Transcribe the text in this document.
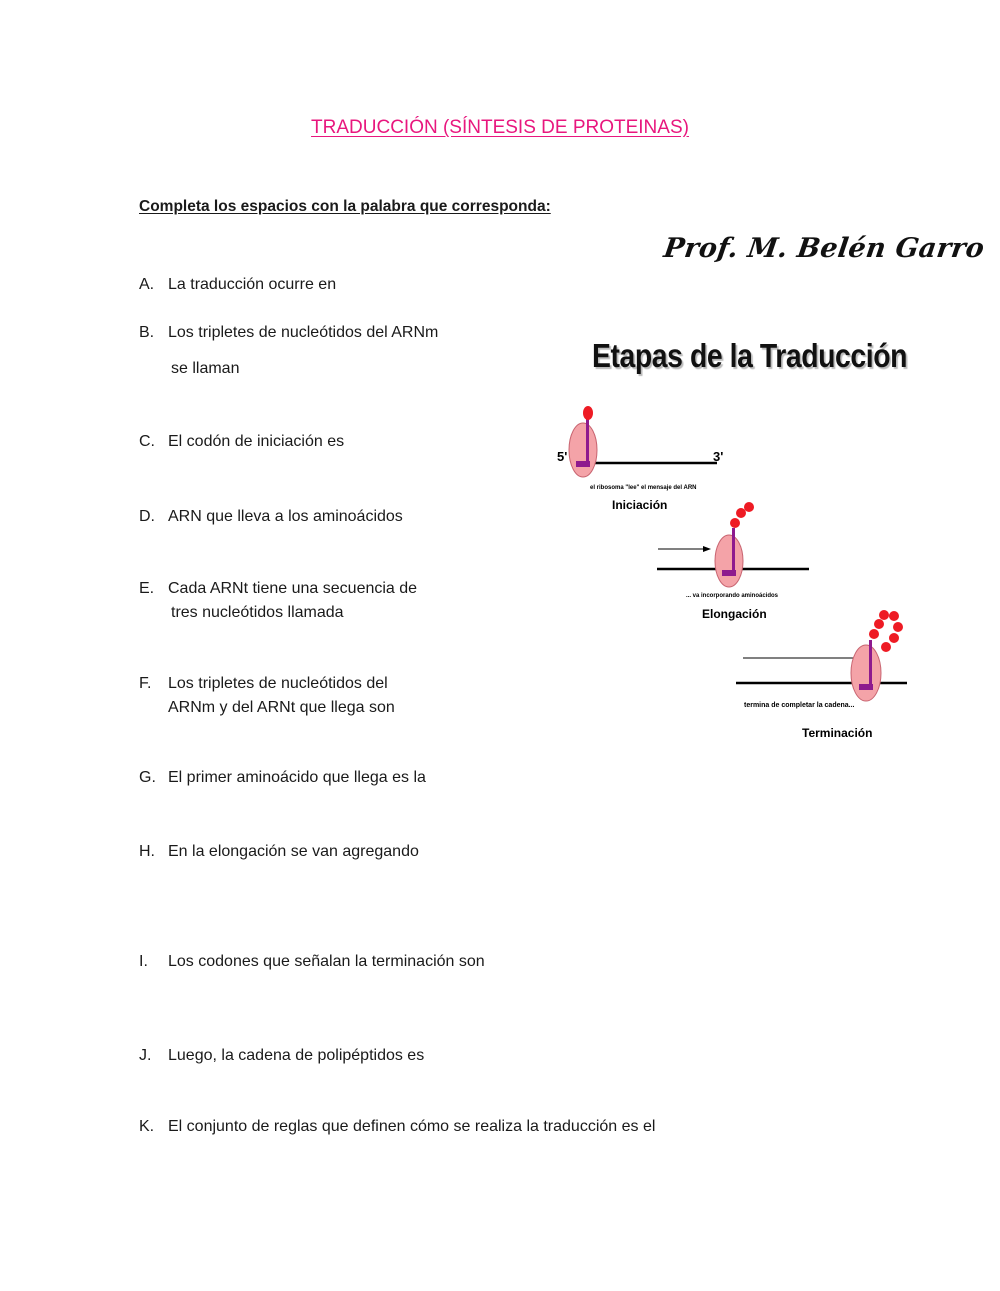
TRADUCCIÓN (SÍNTESIS DE PROTEINAS)
Completa los espacios con la palabra que corresponda:
Prof. M. Belén Garro
A. La traducción ocurre en
B. Los tripletes de nucleótidos del ARNm
se llaman
C. El codón de iniciación es
D. ARN que lleva a los aminoácidos
E. Cada ARNt tiene una secuencia de
tres nucleótidos llamada
F.	Los tripletes de nucleótidos del
ARNm y del ARNt que llega son
G. El primer aminoácido que llega es la
H. En la elongación se van agregando
I.	Los codones que señalan la terminación son
J.	Luego, la cadena de polipéptidos es
K. El conjunto de reglas que definen cómo se realiza la traducción es el
Etapas de la Traducción
5'	3'
el ribosoma "lee" el mensaje del ARN
Iniciación
... va incorporando aminoácidos
Elongación
termina de completar la cadena...
Terminación
